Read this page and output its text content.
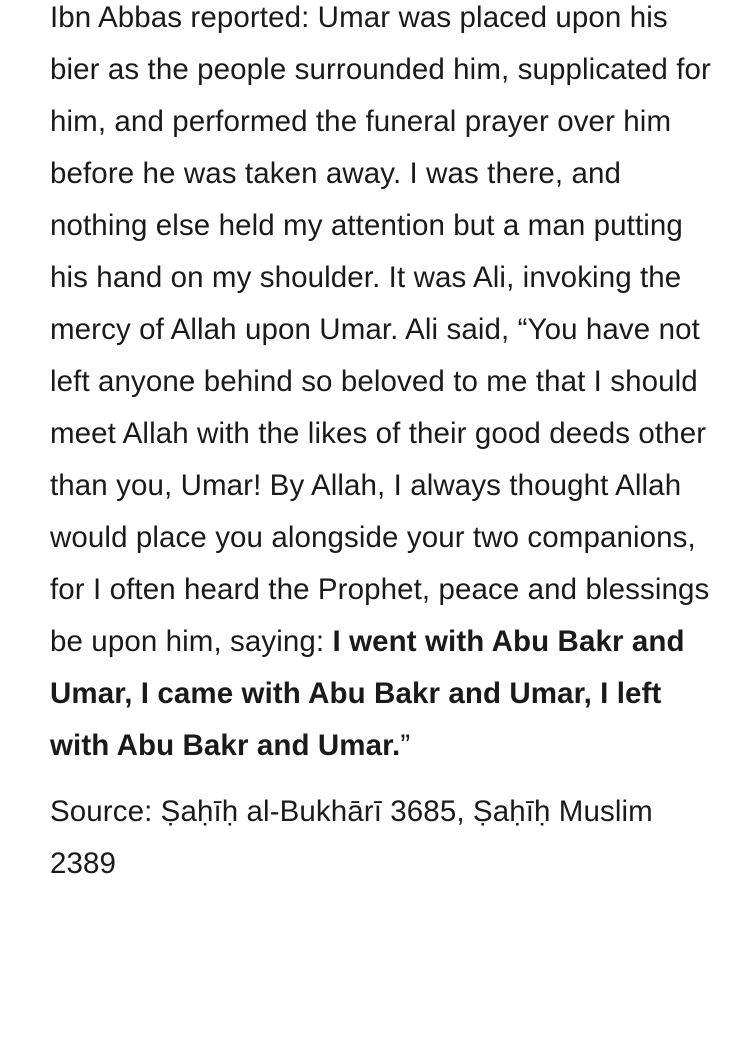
Ibn Abbas reported: Umar was placed upon his bier as the people surrounded him, supplicated for him, and performed the funeral prayer over him before he was taken away. I was there, and nothing else held my attention but a man putting his hand on my shoulder. It was Ali, invoking the mercy of Allah upon Umar. Ali said, “You have not left anyone behind so beloved to me that I should meet Allah with the likes of their good deeds other than you, Umar! By Allah, I always thought Allah would place you alongside your two companions, for I often heard the Prophet, peace and blessings be upon him, saying: I went with Abu Bakr and Umar, I came with Abu Bakr and Umar, I left with Abu Bakr and Umar.”

Source: Ṣaḥīḥ al-Bukhārī 3685, Ṣaḥīḥ Muslim 2389
